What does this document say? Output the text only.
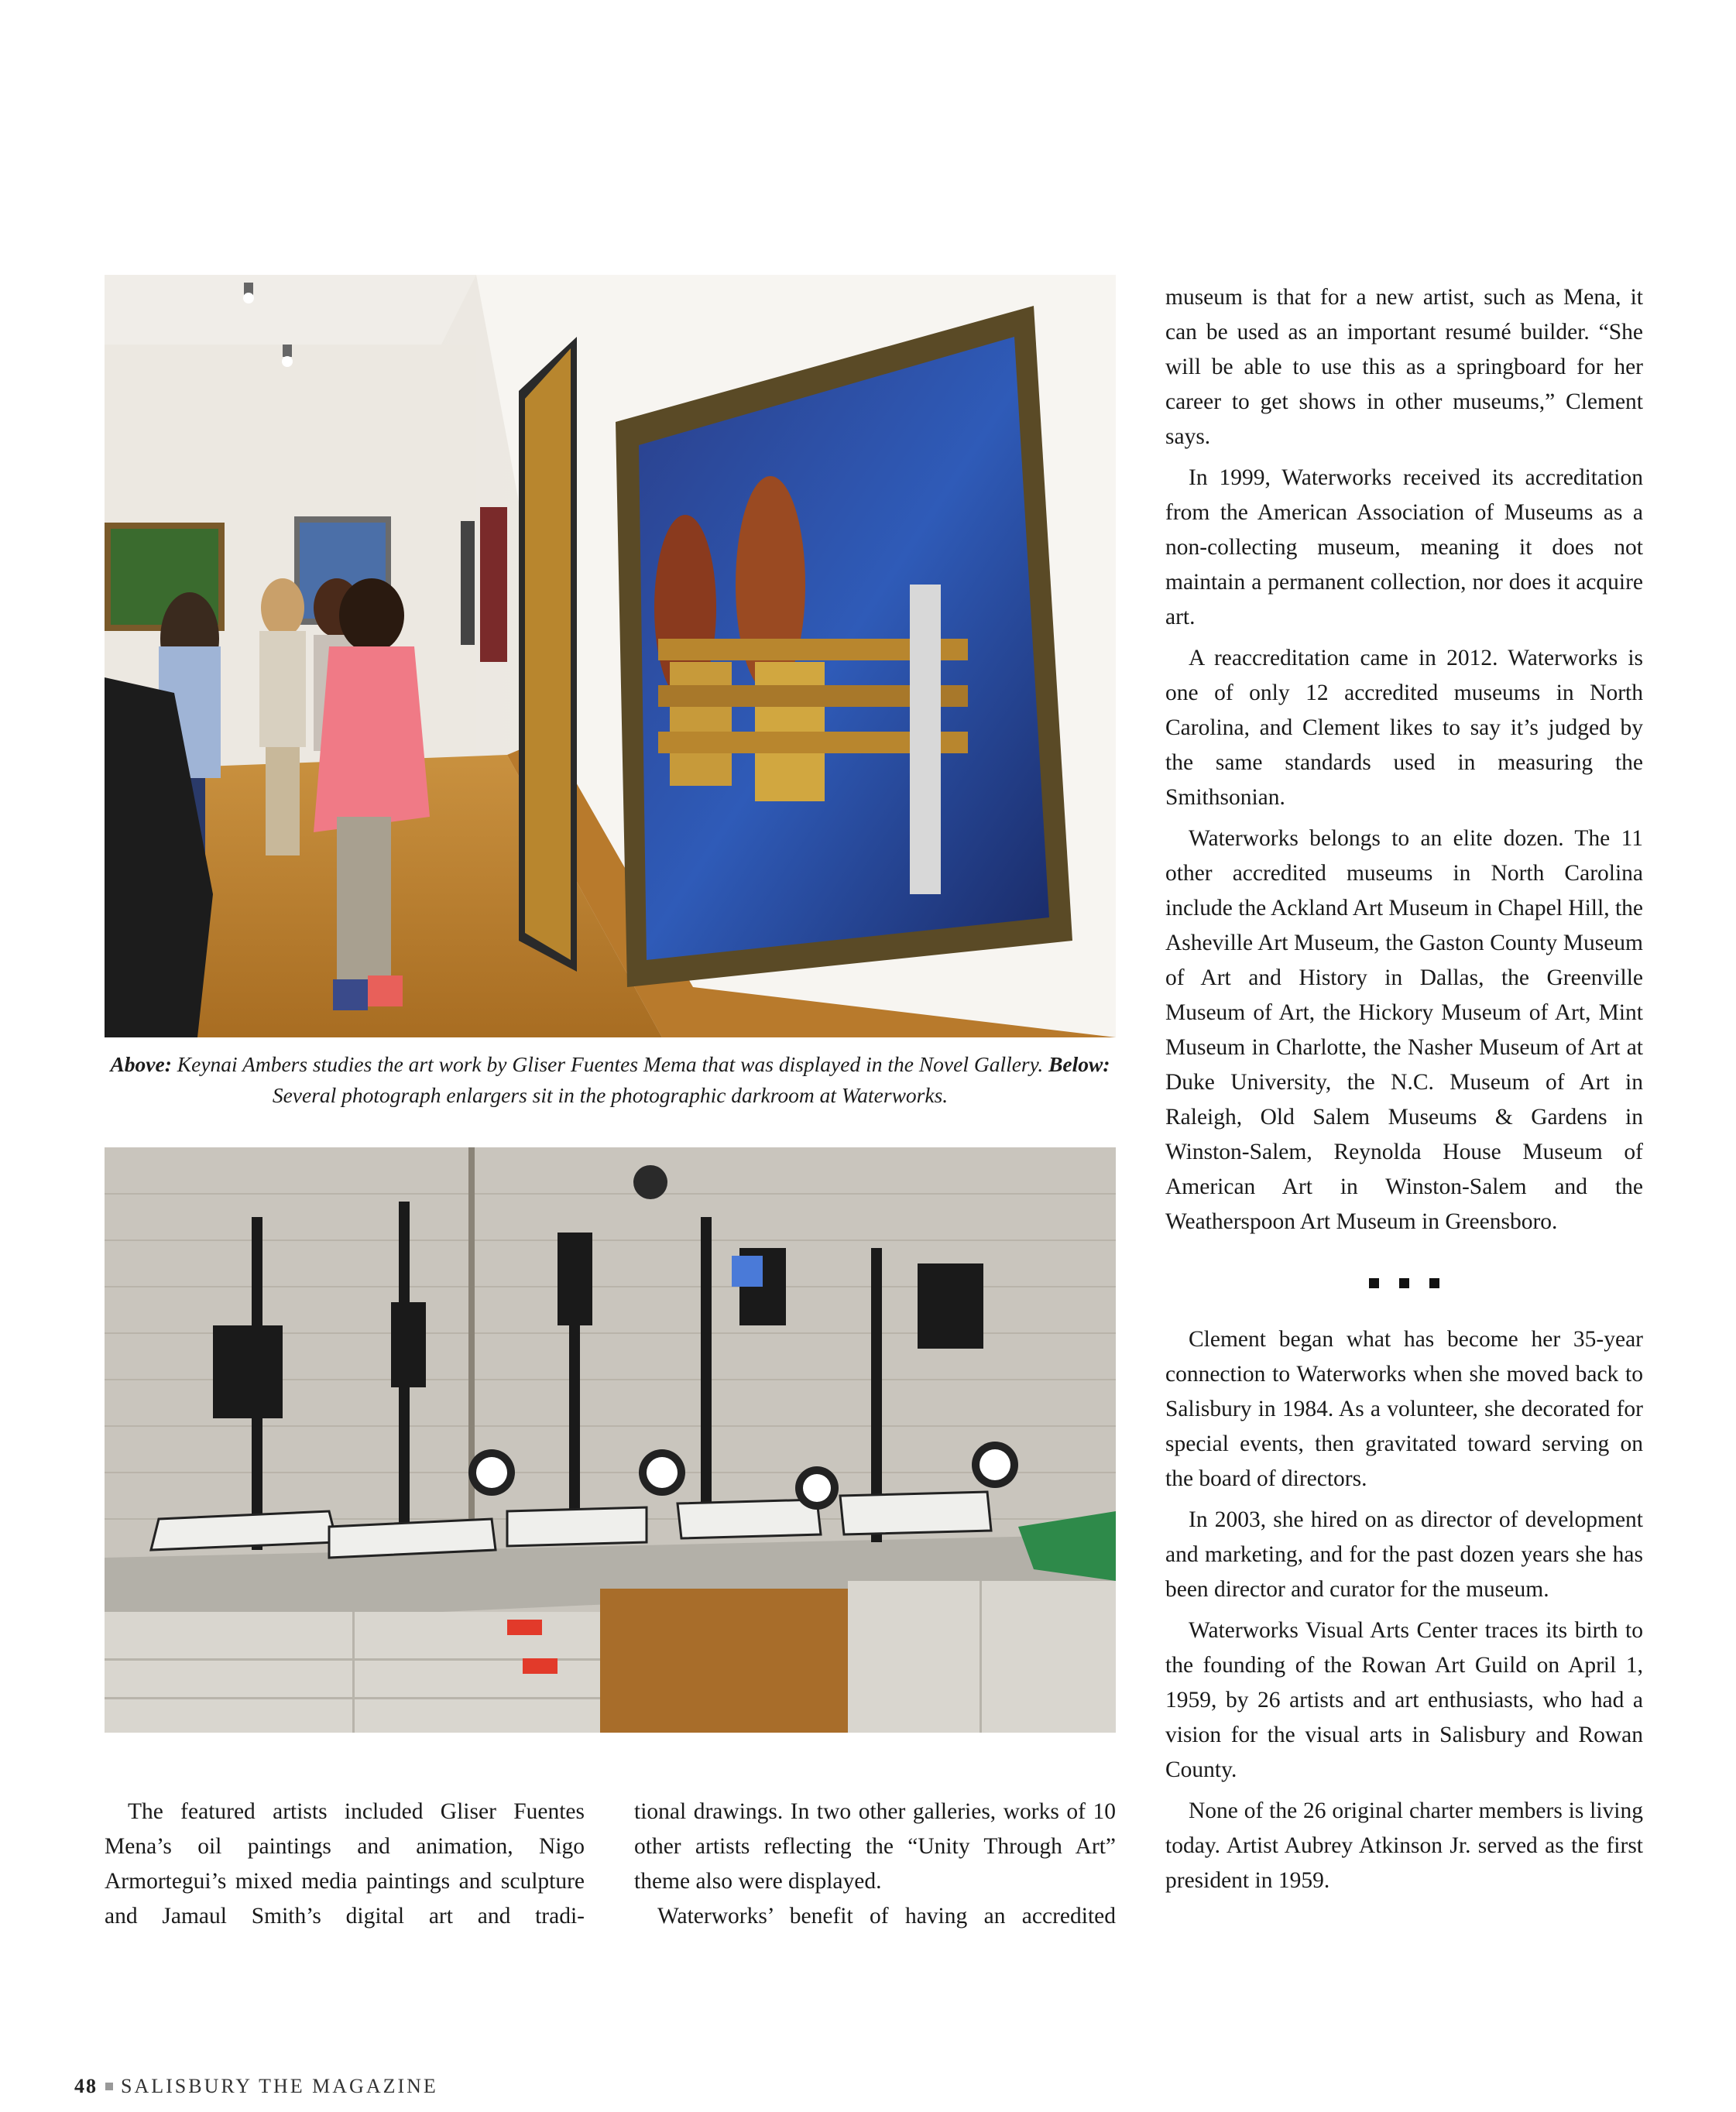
Above: Keynai Ambers studies the art work by Gliser Fuentes Mema that was displayed in the Novel Gallery. Below: Several photograph enlargers sit in the photographic darkroom at Waterworks.

museum is that for a new artist, such as Mena, it can be used as an important resumé builder. “She will be able to use this as a springboard for her career to get shows in other museums,” Clement says.

In 1999, Waterworks received its accreditation from the American Association of Museums as a non-collecting museum, meaning it does not maintain a permanent collection, nor does it acquire art.

A reaccreditation came in 2012. Waterworks is one of only 12 accredited museums in North Carolina, and Clement likes to say it’s judged by the same standards used in measuring the Smithsonian.

Waterworks belongs to an elite dozen. The 11 other accredited museums in North Carolina include the Ackland Art Museum in Chapel Hill, the Asheville Art Museum, the Gaston County Museum of Art and History in Dallas, the Greenville Museum of Art, the Hickory Museum of Art, Mint Museum in Charlotte, the Nasher Museum of Art at Duke University, the N.C. Museum of Art in Raleigh, Old Salem Museums & Gardens in Winston-Salem, Reynolda House Museum of American Art in Winston-Salem and the Weatherspoon Art Museum in Greensboro.

Clement began what has become her 35-year connection to Waterworks when she moved back to Salisbury in 1984. As a volunteer, she decorated for special events, then gravitated toward serving on the board of directors.

In 2003, she hired on as director of development and marketing, and for the past dozen years she has been director and curator for the museum.

Waterworks Visual Arts Center traces its birth to the founding of the Rowan Art Guild on April 1, 1959, by 26 artists and art enthusiasts, who had a vision for the visual arts in Salisbury and Rowan County.

None of the 26 original charter members is living today. Artist Aubrey Atkinson Jr. served as the first president in 1959.

The featured artists included Gliser Fuentes Mena’s oil paintings and animation, Nigo Armortegui’s mixed media paintings and sculpture and Jamaul Smith’s digital art and tradi-

tional drawings. In two other galleries, works of 10 other artists reflecting the “Unity Through Art” theme also were displayed.

Waterworks’ benefit of having an accredited

48 SALISBURY THE MAGAZINE
